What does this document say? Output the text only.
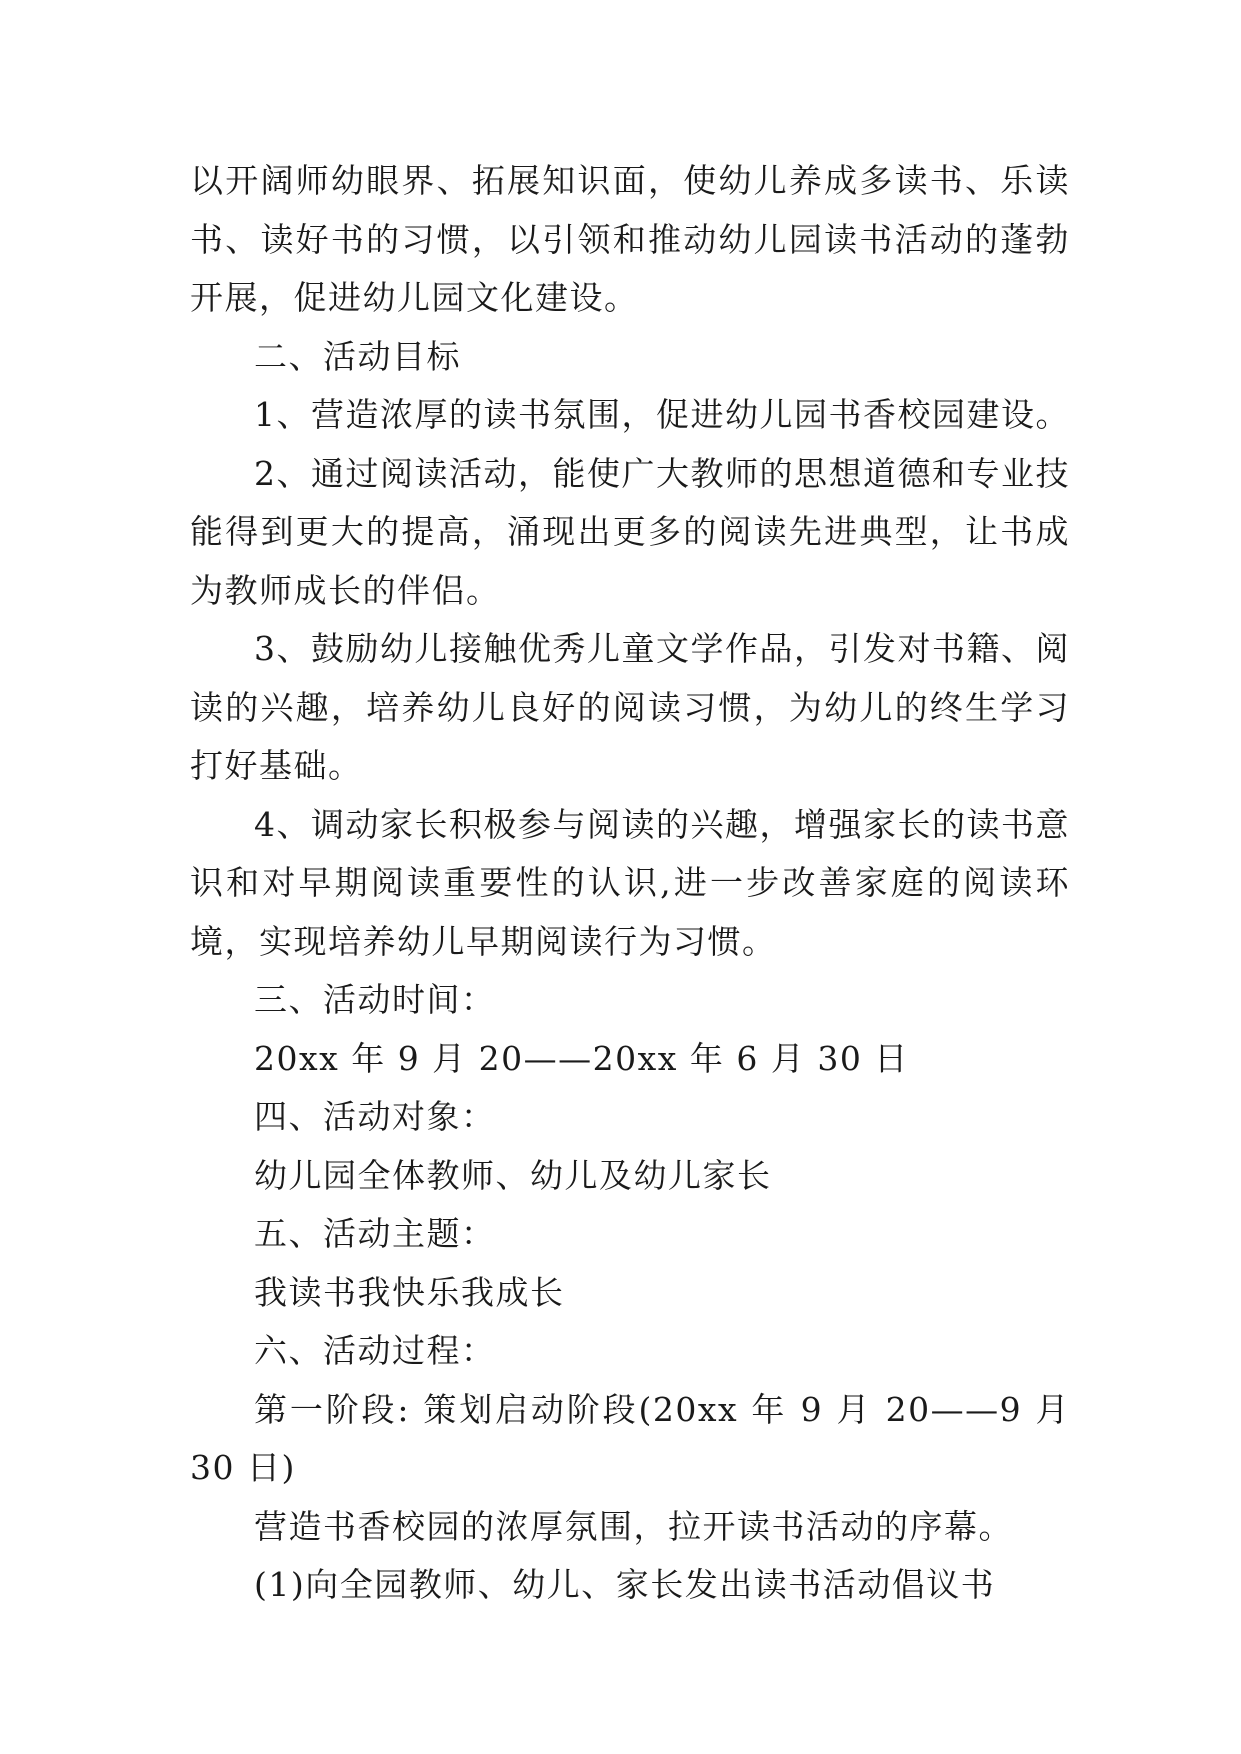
以开阔师幼眼界、拓展知识面，使幼儿养成多读书、乐读书、读好书的习惯，以引领和推动幼儿园读书活动的蓬勃开展，促进幼儿园文化建设。

二、活动目标

1、营造浓厚的读书氛围，促进幼儿园书香校园建设。

2、通过阅读活动，能使广大教师的思想道德和专业技能得到更大的提高，涌现出更多的阅读先进典型，让书成为教师成长的伴侣。

3、鼓励幼儿接触优秀儿童文学作品，引发对书籍、阅读的兴趣，培养幼儿良好的阅读习惯，为幼儿的终生学习打好基础。

4、调动家长积极参与阅读的兴趣，增强家长的读书意识和对早期阅读重要性的认识,进一步改善家庭的阅读环境，实现培养幼儿早期阅读行为习惯。

三、活动时间：

20xx 年 9 月 20——20xx 年 6 月 30 日

四、活动对象：

幼儿园全体教师、幼儿及幼儿家长

五、活动主题：

我读书我快乐我成长

六、活动过程：

第一阶段: 策划启动阶段(20xx 年 9 月 20——9 月 30 日)

营造书香校园的浓厚氛围，拉开读书活动的序幕。

(1)向全园教师、幼儿、家长发出读书活动倡议书
